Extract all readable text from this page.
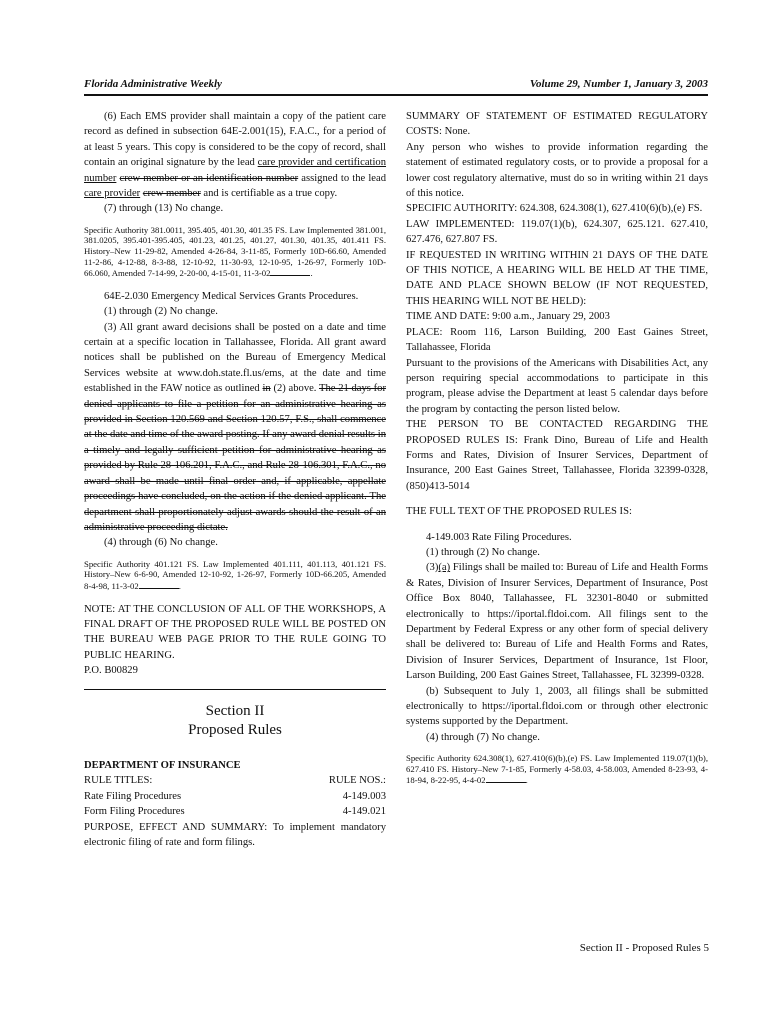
Florida Administrative Weekly	Volume 29, Number 1, January 3, 2003

(6) Each EMS provider shall maintain a copy of the patient care record as defined in subsection 64E-2.001(15), F.A.C., for a period of at least 5 years. This copy is considered to be the copy of record, shall contain an original signature by the lead care provider and certification number crew member or an identification number assigned to the lead care provider crew member and is certifiable as a true copy.

(7) through (13) No change.

Specific Authority 381.0011, 395.405, 401.30, 401.35 FS. Law Implemented 381.001, 381.0205, 395.401-395.405, 401.23, 401.25, 401.27, 401.30, 401.35, 401.411 FS. History–New 11-29-82, Amended 4-26-84, 3-11-85, Formerly 10D-66.60, Amended 11-2-86, 4-12-88, 8-3-88, 12-10-92, 11-30-93, 12-10-95, 1-26-97, Formerly 10D-66.060, Amended 7-14-99, 2-20-00, 4-15-01, 11-3-02	.

64E-2.030 Emergency Medical Services Grants Procedures.

(1) through (2) No change.

(3) All grant award decisions shall be posted on a date and time certain at a specific location in Tallahassee, Florida. All grant award notices shall be published on the Bureau of Emergency Medical Services website at www.doh.state.fl.us/ems, at the date and time established in the FAW notice as outlined in (2) above. The 21 days for denied applicants to file a petition for an administrative hearing as provided in Section 120.569 and Section 120.57, F.S., shall commence at the date and time of the award posting. If any award denial results in a timely and legally sufficient petition for administrative hearing as provided by Rule 28-106.201, F.A.C., and Rule 28-106.301, F.A.C., no award shall be made until final order and, if applicable, appellate proceedings have concluded, on the action if the denied applicant. The department shall proportionately adjust awards should the result of an administrative proceeding dictate.

(4) through (6) No change.

Specific Authority 401.121 FS. Law Implemented 401.111, 401.113, 401.121 FS. History–New 6-6-90, Amended 12-10-92, 1-26-97, Formerly 10D-66.205, Amended 8-4-98, 11-3-02	.

NOTE: AT THE CONCLUSION OF ALL OF THE WORKSHOPS, A FINAL DRAFT OF THE PROPOSED RULE WILL BE POSTED ON THE BUREAU WEB PAGE PRIOR TO THE RULE GOING TO PUBLIC HEARING.

P.O. B00829

Section II
Proposed Rules

DEPARTMENT OF INSURANCE

RULE TITLES:	RULE NOS.:
Rate Filing Procedures	4-149.003
Form Filing Procedures	4-149.021

PURPOSE, EFFECT AND SUMMARY: To implement mandatory electronic filing of rate and form filings.

SUMMARY OF STATEMENT OF ESTIMATED REGULATORY COSTS: None.

Any person who wishes to provide information regarding the statement of estimated regulatory costs, or to provide a proposal for a lower cost regulatory alternative, must do so in writing within 21 days of this notice.

SPECIFIC AUTHORITY: 624.308, 624.308(1), 627.410(6)(b),(e) FS.

LAW IMPLEMENTED: 119.07(1)(b), 624.307, 625.121. 627.410, 627.476, 627.807 FS.

IF REQUESTED IN WRITING WITHIN 21 DAYS OF THE DATE OF THIS NOTICE, A HEARING WILL BE HELD AT THE TIME, DATE AND PLACE SHOWN BELOW (IF NOT REQUESTED, THIS HEARING WILL NOT BE HELD):

TIME AND DATE: 9:00 a.m., January 29, 2003

PLACE: Room 116, Larson Building, 200 East Gaines Street, Tallahassee, Florida

Pursuant to the provisions of the Americans with Disabilities Act, any person requiring special accommodations to participate in this program, please advise the Department at least 5 calendar days before the program by contacting the person listed below.

THE PERSON TO BE CONTACTED REGARDING THE PROPOSED RULES IS: Frank Dino, Bureau of Life and Health Forms and Rates, Division of Insurer Services, Department of Insurance, 200 East Gaines Street, Tallahassee, Florida 32399-0328, (850)413-5014

THE FULL TEXT OF THE PROPOSED RULES IS:

4-149.003 Rate Filing Procedures.

(1) through (2) No change.

(3)(a) Filings shall be mailed to: Bureau of Life and Health Forms & Rates, Division of Insurer Services, Department of Insurance, Post Office Box 8040, Tallahassee, FL 32301-8040 or submitted electronically to https://iportal.fldoi.com. All filings sent to the Department by Federal Express or any other form of special delivery shall be delivered to: Bureau of Life and Health Forms and Rates, Division of Insurer Services, Department of Insurance, 1st Floor, Larson Building, 200 East Gaines Street, Tallahassee, FL 32399-0328.

(b) Subsequent to July 1, 2003, all filings shall be submitted electronically to https://iportal.fldoi.com or through other electronic systems supported by the Department.

(4) through (7) No change.

Specific Authority 624.308(1), 627.410(6)(b),(e) FS. Law Implemented 119.07(1)(b), 627.410 FS. History–New 7-1-85, Formerly 4-58.03, 4-58.003, Amended 8-23-93, 4-18-94, 8-22-95, 4-4-02	.

Section II - Proposed Rules 5
